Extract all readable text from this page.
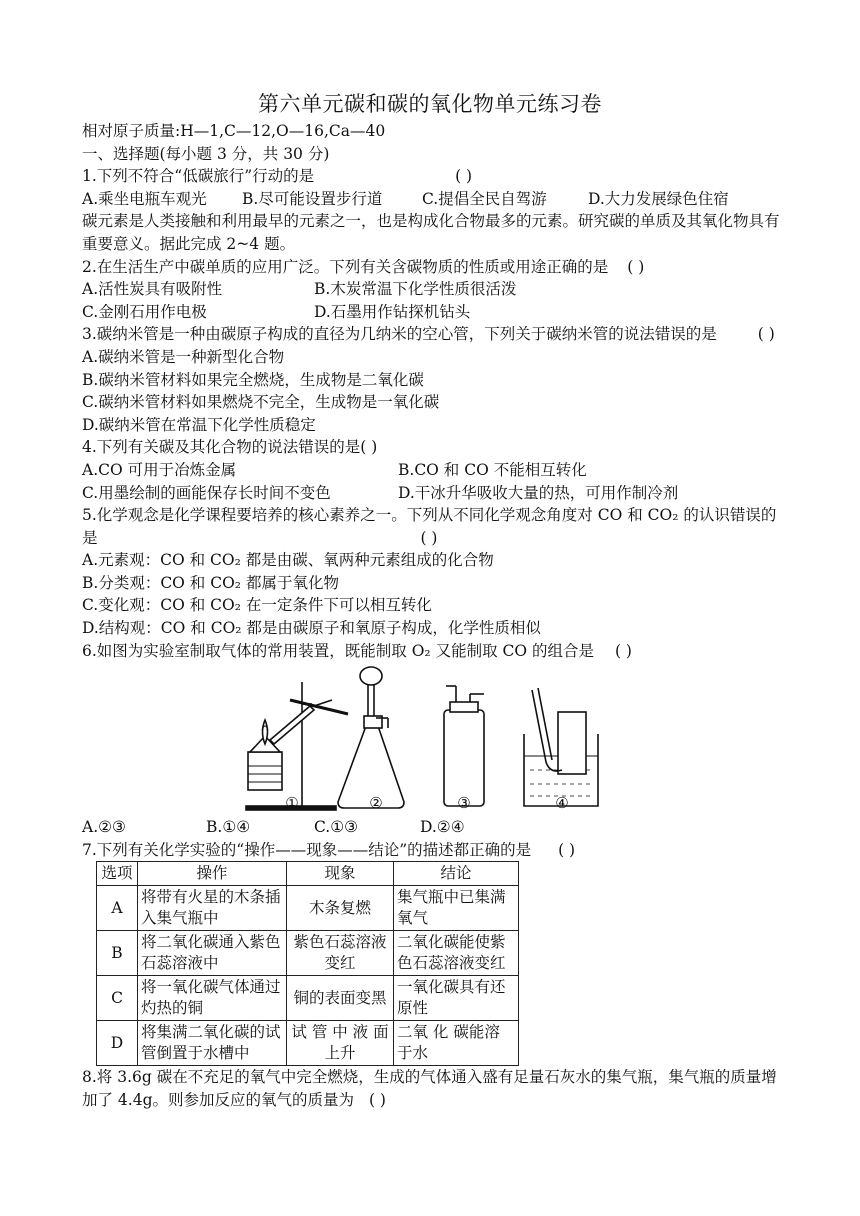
第六单元碳和碳的氧化物单元练习卷
相对原子质量:H—1,C—12,O—16,Ca—40
一、选择题(每小题 3 分，共 30 分)
1.下列不符合“低碳旅行”行动的是	( )
A.乘坐电瓶车观光 B.尽可能设置步行道	C.提倡全民自驾游	D.大力发展绿色住宿
碳元素是人类接触和利用最早的元素之一，也是构成化合物最多的元素。研究碳的单质及其氧化物具有重要意义。据此完成 2~4 题。
2.在生活生产中碳单质的应用广泛。下列有关含碳物质的性质或用途正确的是 ( )
A.活性炭具有吸附性	B.木炭常温下化学性质很活泼
C.金刚石用作电极	D.石墨用作钻探机钻头
3.碳纳米管是一种由碳原子构成的直径为几纳米的空心管，下列关于碳纳米管的说法错误的是	( )
A.碳纳米管是一种新型化合物
B.碳纳米管材料如果完全燃烧，生成物是二氧化碳
C.碳纳米管材料如果燃烧不完全，生成物是一氧化碳
D.碳纳米管在常温下化学性质稳定
4.下列有关碳及其化合物的说法错误的是( )
A.CO 可用于冶炼金属	B.CO 和 CO 不能相互转化
C.用墨绘制的画能保存长时间不变色	D.干冰升华吸收大量的热，可用作制冷剂
5.化学观念是化学课程要培养的核心素养之一。下列从不同化学观念角度对 CO 和 CO₂ 的认识错误的是	( )
A.元素观：CO 和 CO₂ 都是由碳、氧两种元素组成的化合物
B.分类观：CO 和 CO₂ 都属于氧化物
C.变化观：CO 和 CO₂ 在一定条件下可以相互转化
D.结构观：CO 和 CO₂ 都是由碳原子和氧原子构成，化学性质相似
6.如图为实验室制取气体的常用装置，既能制取 O₂ 又能制取 CO 的组合是 ( )
①	②	③	④
A.②③	B.①④	C.①③	D.②④
7.下列有关化学实验的“操作——现象——结论”的描述都正确的是 ( )
选项	操作	现象	结论
A	将带有火星的木条插入集气瓶中	木条复燃	集气瓶中已集满氧气
B	将二氧化碳通入紫色石蕊溶液中	紫色石蕊溶液变红	二氧化碳能使紫色石蕊溶液变红
C	将一氧化碳气体通过灼热的铜	铜的表面变黑	一氧化碳具有还原性
D	将集满二氧化碳的试管倒置于水槽中	试 管 中 液 面上升	二氧 化 碳能溶于水
8.将 3.6g 碳在不充足的氧气中完全燃烧，生成的气体通入盛有足量石灰水的集气瓶，集气瓶的质量增加了 4.4g。则参加反应的氧气的质量为 ( )
